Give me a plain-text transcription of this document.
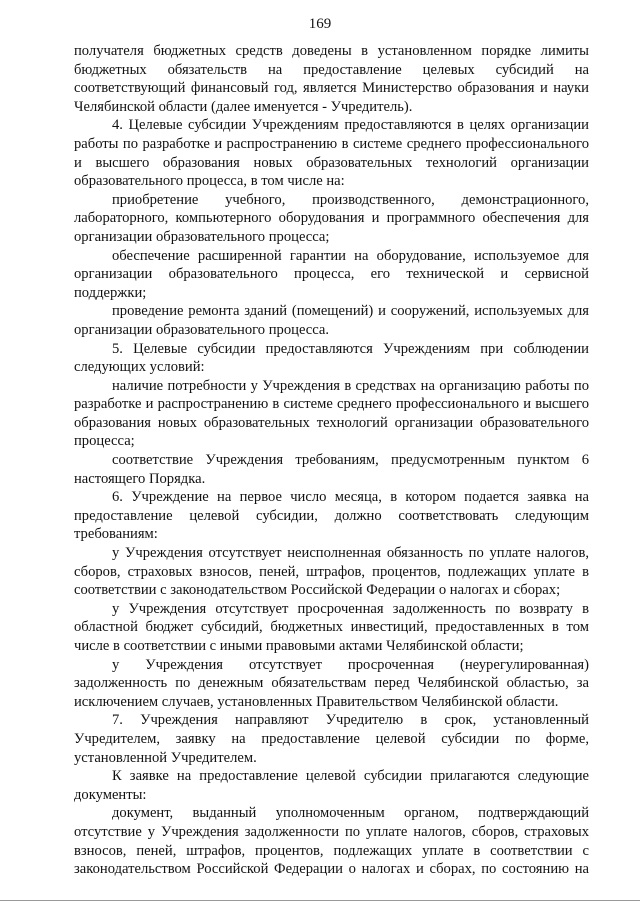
169

получателя бюджетных средств доведены в установленном порядке лимиты бюджетных обязательств на предоставление целевых субсидий на соответствующий финансовый год, является Министерство образования и науки Челябинской области (далее именуется - Учредитель).

4. Целевые субсидии Учреждениям предоставляются в целях организации работы по разработке и распространению в системе среднего профессионального и высшего образования новых образовательных технологий организации образовательного процесса, в том числе на:

приобретение учебного, производственного, демонстрационного, лабораторного, компьютерного оборудования и программного обеспечения для организации образовательного процесса;

обеспечение расширенной гарантии на оборудование, используемое для организации образовательного процесса, его технической и сервисной поддержки;

проведение ремонта зданий (помещений) и сооружений, используемых для организации образовательного процесса.

5. Целевые субсидии предоставляются Учреждениям при соблюдении следующих условий:

наличие потребности у Учреждения в средствах на организацию работы по разработке и распространению в системе среднего профессионального и высшего образования новых образовательных технологий организации образовательного процесса;

соответствие Учреждения требованиям, предусмотренным пунктом 6 настоящего Порядка.

6. Учреждение на первое число месяца, в котором подается заявка на предоставление целевой субсидии, должно соответствовать следующим требованиям:

у Учреждения отсутствует неисполненная обязанность по уплате налогов, сборов, страховых взносов, пеней, штрафов, процентов, подлежащих уплате в соответствии с законодательством Российской Федерации о налогах и сборах;

у Учреждения отсутствует просроченная задолженность по возврату в областной бюджет субсидий, бюджетных инвестиций, предоставленных в том числе в соответствии с иными правовыми актами Челябинской области;

у Учреждения отсутствует просроченная (неурегулированная) задолженность по денежным обязательствам перед Челябинской областью, за исключением случаев, установленных Правительством Челябинской области.

7. Учреждения направляют Учредителю в срок, установленный Учредителем, заявку на предоставление целевой субсидии по форме, установленной Учредителем.

К заявке на предоставление целевой субсидии прилагаются следующие документы:

документ, выданный уполномоченным органом, подтверждающий отсутствие у Учреждения задолженности по уплате налогов, сборов, страховых взносов, пеней, штрафов, процентов, подлежащих уплате в соответствии с законодательством Российской Федерации о налогах и сборах, по состоянию на
